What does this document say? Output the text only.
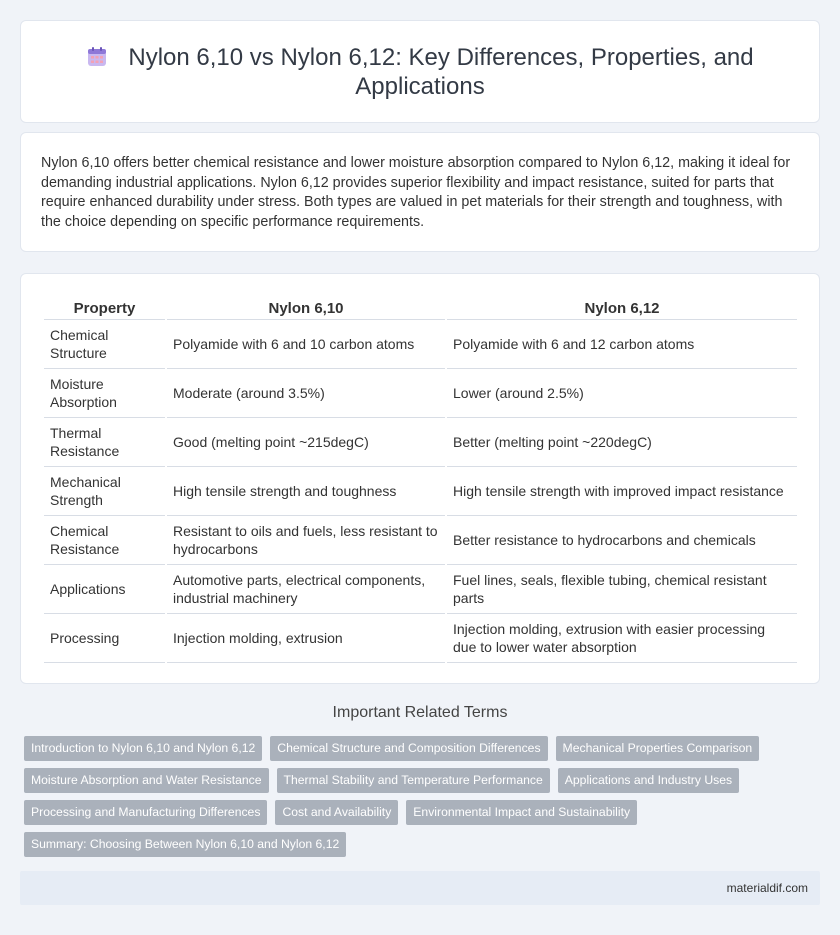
Nylon 6,10 vs Nylon 6,12: Key Differences, Properties, and Applications

Nylon 6,10 offers better chemical resistance and lower moisture absorption compared to Nylon 6,12, making it ideal for demanding industrial applications. Nylon 6,12 provides superior flexibility and impact resistance, suited for parts that require enhanced durability under stress. Both types are valued in pet materials for their strength and toughness, with the choice depending on specific performance requirements.

Property	Nylon 6,10	Nylon 6,12
Chemical Structure	Polyamide with 6 and 10 carbon atoms	Polyamide with 6 and 12 carbon atoms
Moisture Absorption	Moderate (around 3.5%)	Lower (around 2.5%)
Thermal Resistance	Good (melting point ~215degC)	Better (melting point ~220degC)
Mechanical Strength	High tensile strength and toughness	High tensile strength with improved impact resistance
Chemical Resistance	Resistant to oils and fuels, less resistant to hydrocarbons	Better resistance to hydrocarbons and chemicals
Applications	Automotive parts, electrical components, industrial machinery	Fuel lines, seals, flexible tubing, chemical resistant parts
Processing	Injection molding, extrusion	Injection molding, extrusion with easier processing due to lower water absorption
Important Related Terms
Introduction to Nylon 6,10 and Nylon 6,12	Chemical Structure and Composition Differences	Mechanical Properties Comparison
Moisture Absorption and Water Resistance	Thermal Stability and Temperature Performance	Applications and Industry Uses
Processing and Manufacturing Differences	Cost and Availability	Environmental Impact and Sustainability
Summary: Choosing Between Nylon 6,10 and Nylon 6,12
materialdif.com
